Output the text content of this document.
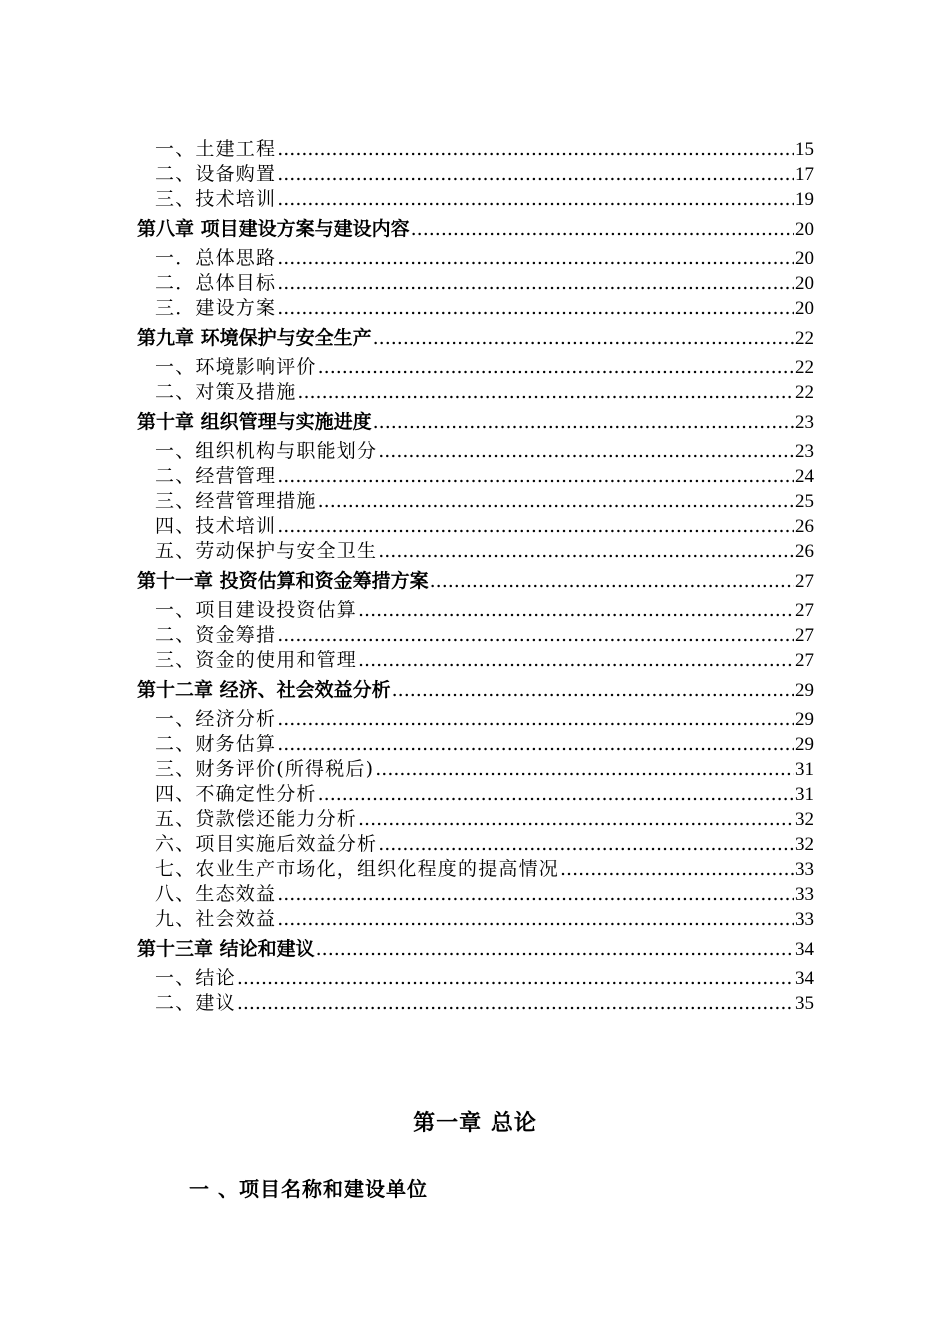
一、土建工程 .....	15
二、设备购置 .....	17
三、技术培训 .....	19
第八章 项目建设方案与建设内容 .....	20
一．总体思路 .....	20
二．总体目标 .....	20
三．建设方案 .....	20
第九章 环境保护与安全生产 .....	22
一、环境影响评价 .....	22
二、对策及措施 .....	22
第十章 组织管理与实施进度 .....	23
一、组织机构与职能划分 .....	23
二、经营管理 .....	24
三、经营管理措施 .....	25
四、技术培训 .....	26
五、劳动保护与安全卫生 .....	26
第十一章 投资估算和资金筹措方案 .....	27
一、项目建设投资估算 .....	27
二、资金筹措 .....	27
三、资金的使用和管理 .....	27
第十二章 经济、社会效益分析 .....	29
一、经济分析 .....	29
二、财务估算 .....	29
三、财务评价(所得税后) .....	31
四、不确定性分析 .....	31
五、贷款偿还能力分析 .....	32
六、项目实施后效益分析 .....	32
七、农业生产市场化，组织化程度的提高情况 .....	33
八、生态效益 .....	33
九、社会效益 .....	33
第十三章 结论和建议 .....	34
一、结论 .....	34
二、建议 .....	35
第一章 总论
一 、项目名称和建设单位
